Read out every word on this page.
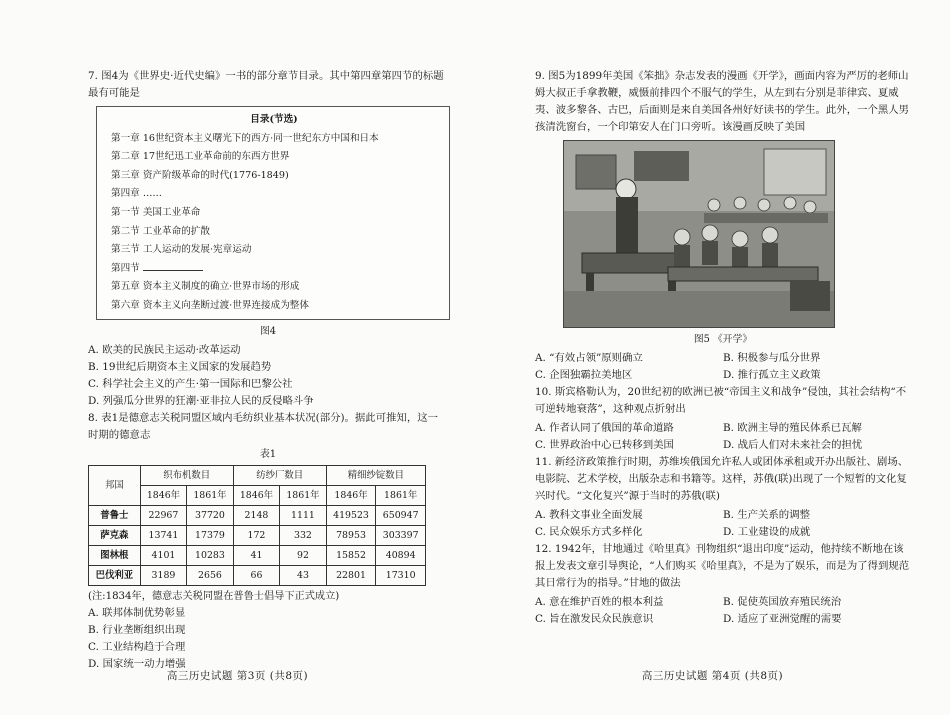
7. 图4为《世界史·近代史编》一书的部分章节目录。其中第四章第四节的标题最有可能是

目录(节选)
第一章 16世纪资本主义曙光下的西方·同一世纪东方中国和日本
第二章 17世纪迅工业革命前的东西方世界
第三章 资产阶级革命的时代(1776-1849)
第四章 ……
第一节 美国工业革命
第二节 工业革命的扩散
第三节 工人运动的发展·宪章运动
第四节
第五章 资本主义制度的确立·世界市场的形成
第六章 资本主义向垄断过渡·世界连接成为整体
图4
A. 欧美的民族民主运动·改革运动
B. 19世纪后期资本主义国家的发展趋势
C. 科学社会主义的产生·第一国际和巴黎公社
D. 列强瓜分世界的狂潮·亚非拉人民的反侵略斗争

8. 表1是德意志关税同盟区域内毛纺织业基本状况(部分)。据此可推知，这一时期的德意志

表1
邦国	织布机数目		纺纱厂数目		精细纱锭数目	
	1846年	1861年	1846年	1861年	1846年	1861年
普鲁士	22967	37720	2148	1111	419523	650947
萨克森	13741	17379	172	332	78953	303397
图林根	4101	10283	41	92	15852	40894
巴伐利亚	3189	2656	66	43	22801	17310
(注:1834年，德意志关税同盟在普鲁士倡导下正式成立)
A. 联邦体制优势彰显
B. 行业垄断组织出现
C. 工业结构趋于合理
D. 国家统一动力增强
高三历史试题 第3页 (共8页)

9. 图5为1899年美国《笨拙》杂志发表的漫画《开学》，画面内容为严厉的老师山姆大叔正手拿教鞭，威慑前排四个不服气的学生，从左到右分别是菲律宾、夏威夷、波多黎各、古巴，后面则是来自美国各州好好读书的学生。此外，一个黑人男孩清洗窗台，一个印第安人在门口旁听。该漫画反映了美国

图5 《开学》
A. “有效占领”原则确立	B. 积极参与瓜分世界
C. 企图独霸拉美地区	D. 推行孤立主义政策

10. 斯宾格勒认为，20世纪初的欧洲已被“帝国主义和战争”侵蚀，其社会结构“不可逆转地衰落”，这种观点折射出

A. 作者认同了俄国的革命道路	B. 欧洲主导的殖民体系已瓦解
C. 世界政治中心已转移到美国	D. 战后人们对未来社会的担忧

11. 新经济政策推行时期，苏维埃俄国允许私人或团体承租或开办出版社、剧场、电影院、艺术学校，出版杂志和书籍等。这样，苏俄(联)出现了一个短暂的文化复兴时代。“文化复兴”源于当时的苏俄(联)

A. 教科文事业全面发展	B. 生产关系的调整
C. 民众娱乐方式多样化	D. 工业建设的成就

12. 1942年，甘地通过《哈里真》刊物组织“退出印度”运动，他持续不断地在该报上发表文章引导舆论，“人们购买《哈里真》，不是为了娱乐，而是为了得到规范其日常行为的指导。”甘地的做法

A. 意在维护百姓的根本利益	B. 促使英国放弃殖民统治
C. 旨在激发民众民族意识	D. 适应了亚洲觉醒的需要
高三历史试题 第4页 (共8页)
